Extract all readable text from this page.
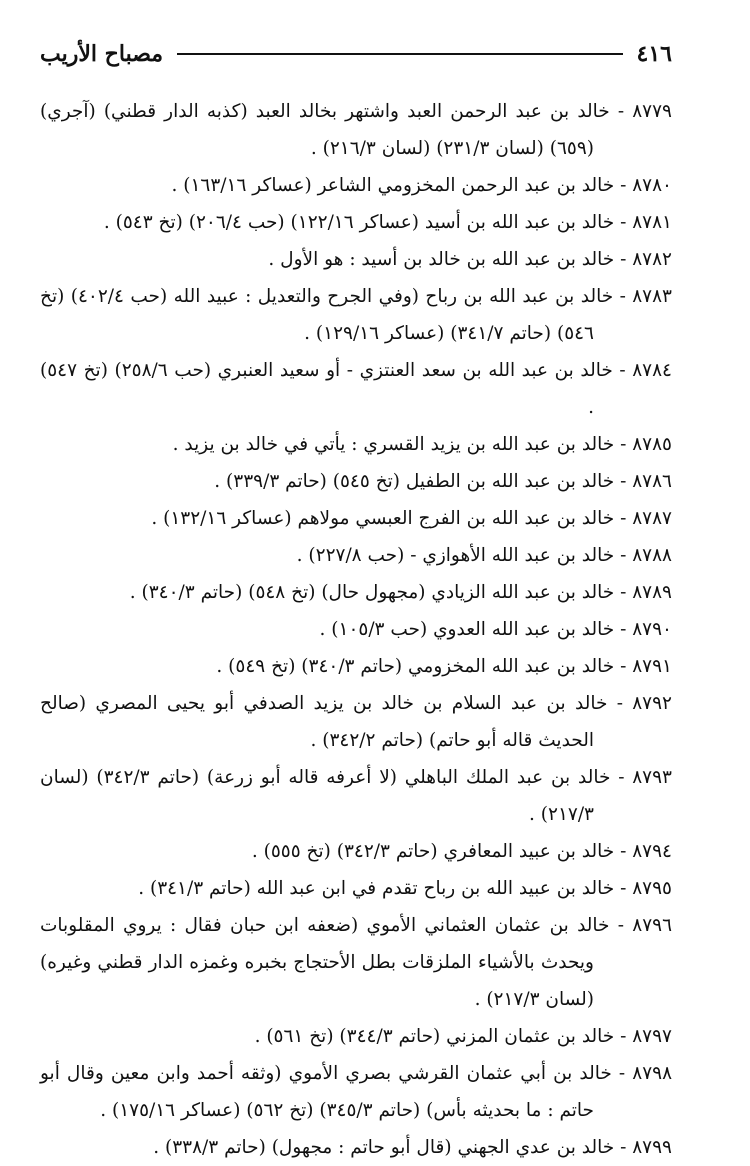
٤١٦
مصباح الأريب
٨٧٧٩ - خالد بن عبد الرحمن العبد واشتهر بخالد العبد (كذبه الدار قطني) (آجري) (٦٥٩) (لسان ٢٣١/٣) (لسان ٢١٦/٣) .
٨٧٨٠ - خالد بن عبد الرحمن المخزومي الشاعر (عساكر ١٦٣/١٦) .
٨٧٨١ - خالد بن عبد الله بن أسيد (عساكر ١٢٢/١٦) (حب ٢٠٦/٤) (تخ ٥٤٣) .
٨٧٨٢ - خالد بن عبد الله بن خالد بن أسيد : هو الأول .
٨٧٨٣ - خالد بن عبد الله بن رباح (وفي الجرح والتعديل : عبيد الله (حب ٤٠٢/٤) (تخ ٥٤٦) (حاتم ٣٤١/٧) (عساكر ١٢٩/١٦) .
٨٧٨٤ - خالد بن عبد الله بن سعد العنتزي - أو سعيد العنبري (حب ٢٥٨/٦) (تخ ٥٤٧) .
٨٧٨٥ - خالد بن عبد الله بن يزيد القسري : يأتي في خالد بن يزيد .
٨٧٨٦ - خالد بن عبد الله بن الطفيل (تخ ٥٤٥) (حاتم ٣٣٩/٣) .
٨٧٨٧ - خالد بن عبد الله بن الفرج العبسي مولاهم (عساكر ١٣٢/١٦) .
٨٧٨٨ - خالد بن عبد الله الأهوازي - (حب ٢٢٧/٨) .
٨٧٨٩ - خالد بن عبد الله الزيادي (مجهول حال) (تخ ٥٤٨) (حاتم ٣٤٠/٣) .
٨٧٩٠ - خالد بن عبد الله العدوي (حب ١٠٥/٣) .
٨٧٩١ - خالد بن عبد الله المخزومي (حاتم ٣٤٠/٣) (تخ ٥٤٩) .
٨٧٩٢ - خالد بن عبد السلام بن خالد بن يزيد الصدفي أبو يحيى المصري (صالح الحديث قاله أبو حاتم) (حاتم ٣٤٢/٢) .
٨٧٩٣ - خالد بن عبد الملك الباهلي (لا أعرفه قاله أبو زرعة) (حاتم ٣٤٢/٣) (لسان ٢١٧/٣) .
٨٧٩٤ - خالد بن عبيد المعافري (حاتم ٣٤٢/٣) (تخ ٥٥٥) .
٨٧٩٥ - خالد بن عبيد الله بن رباح تقدم في ابن عبد الله (حاتم ٣٤١/٣) .
٨٧٩٦ - خالد بن عثمان العثماني الأموي (ضعفه ابن حبان فقال : يروي المقلوبات ويحدث بالأشياء الملزقات بطل الأحتجاج بخبره وغمزه الدار قطني وغيره) (لسان ٢١٧/٣) .
٨٧٩٧ - خالد بن عثمان المزني (حاتم ٣٤٤/٣) (تخ ٥٦١) .
٨٧٩٨ - خالد بن أبي عثمان القرشي بصري الأموي (وثقه أحمد وابن معين وقال أبو حاتم : ما بحديثه بأس) (حاتم ٣٤٥/٣) (تخ ٥٦٢) (عساكر ١٧٥/١٦) .
٨٧٩٩ - خالد بن عدي الجهني (قال أبو حاتم : مجهول) (حاتم ٣٣٨/٣) .
